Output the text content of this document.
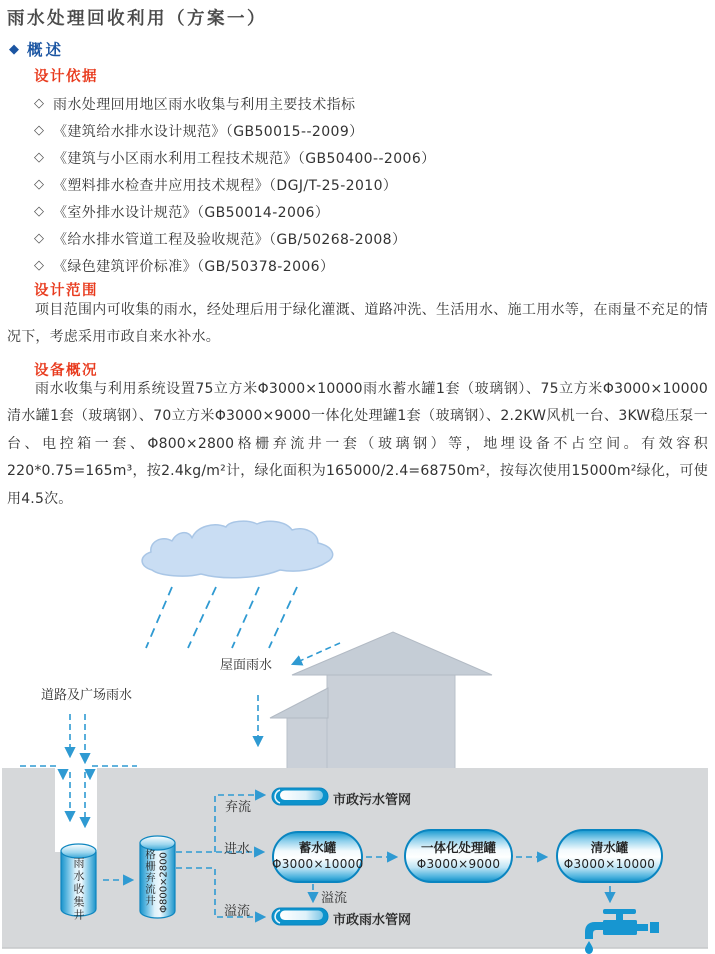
雨水处理回收利用（方案一）
◆ 概述
设计依据
◇ 雨水处理回用地区雨水收集与利用主要技术指标
◇ 《建筑给水排水设计规范》（GB50015--2009）
◇ 《建筑与小区雨水利用工程技术规范》（GB50400--2006）
◇ 《塑料排水检查井应用技术规程》（DGJ/T-25-2010）
◇ 《室外排水设计规范》（GB50014-2006）
◇ 《给水排水管道工程及验收规范》（GB/50268-2008）
◇ 《绿色建筑评价标准》（GB/50378-2006）
设计范围

项目范围内可收集的雨水，经处理后用于绿化灌溉、道路冲洗、生活用水、施工用水等，在雨量不充足的情况下，考虑采用市政自来水补水。

设备概况

雨水收集与利用系统设置75立方米Φ3000×10000雨水蓄水罐1套（玻璃钢）、75立方米Φ3000×10000清水罐1套（玻璃钢）、70立方米Φ3000×9000一体化处理罐1套（玻璃钢）、2.2KW风机一台、3KW稳压泵一台、电控箱一套、Φ800×2800格栅弃流井一套（玻璃钢）等，地埋设备不占空间。有效容积220*0.75=165m³，按2.4kg/m²计，绿化面积为165000/2.4=68750m²，按每次使用15000m²绿化，可使用4.5次。

屋面雨水
道路及广场雨水
弃流
进水
溢流
溢流
市政污水管网
市政雨水管网
蓄水罐
Φ3000×10000
一体化处理罐
Φ3000×9000
清水罐
Φ3000×10000
雨水收集井	格栅弃流井 Φ800×2800
